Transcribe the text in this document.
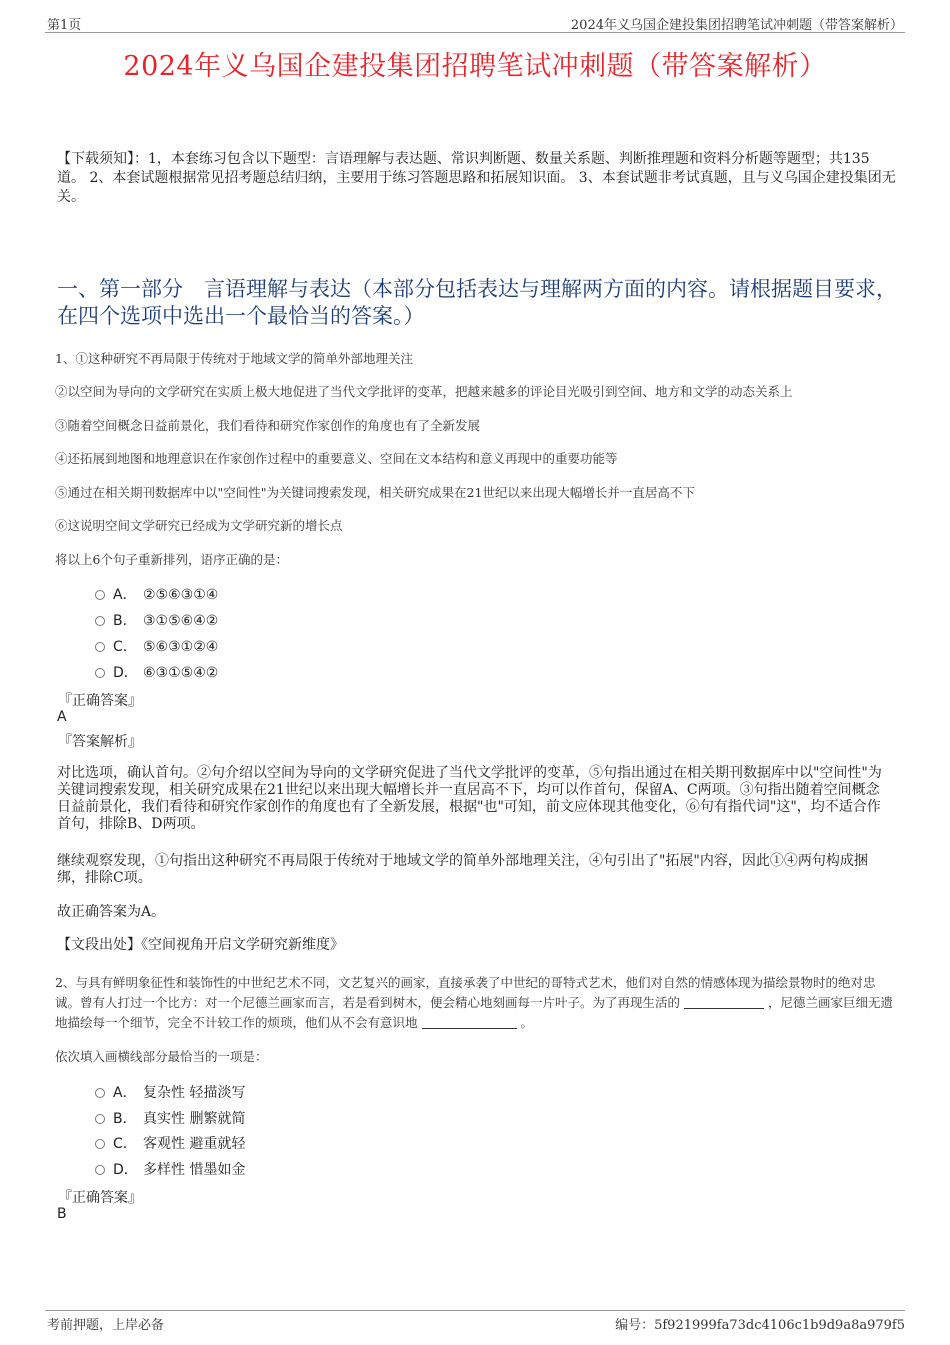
第1页	2024年义乌国企建投集团招聘笔试冲刺题（带答案解析）
2024年义乌国企建投集团招聘笔试冲刺题（带答案解析）
【下载须知】：1，本套练习包含以下题型：言语理解与表达题、常识判断题、数量关系题、判断推理题和资料分析题等题型；共135道。 2、本套试题根据常见招考题总结归纳，主要用于练习答题思路和拓展知识面。 3、本套试题非考试真题，且与义乌国企建投集团无关。
一、第一部分　言语理解与表达（本部分包括表达与理解两方面的内容。请根据题目要求，在四个选项中选出一个最恰当的答案。）
1、①这种研究不再局限于传统对于地域文学的简单外部地理关注
②以空间为导向的文学研究在实质上极大地促进了当代文学批评的变革，把越来越多的评论目光吸引到空间、地方和文学的动态关系上
③随着空间概念日益前景化，我们看待和研究作家创作的角度也有了全新发展
④还拓展到地图和地理意识在作家创作过程中的重要意义、空间在文本结构和意义再现中的重要功能等
⑤通过在相关期刊数据库中以"空间性"为关键词搜索发现，相关研究成果在21世纪以来出现大幅增长并一直居高不下
⑥这说明空间文学研究已经成为文学研究新的增长点
将以上6个句子重新排列，语序正确的是：
A． ②⑤⑥③①④
B． ③①⑤⑥④②
C． ⑤⑥③①②④
D． ⑥③①⑤④②
『正确答案』
A
『答案解析』
对比选项，确认首句。②句介绍以空间为导向的文学研究促进了当代文学批评的变革，⑤句指出通过在相关期刊数据库中以"空间性"为关键词搜索发现，相关研究成果在21世纪以来出现大幅增长并一直居高不下，均可以作首句，保留A、C两项。③句指出随着空间概念日益前景化，我们看待和研究作家创作的角度也有了全新发展，根据"也"可知，前文应体现其他变化，⑥句有指代词"这"，均不适合作首句，排除B、D两项。
继续观察发现，①句指出这种研究不再局限于传统对于地域文学的简单外部地理关注，④句引出了"拓展"内容，因此①④两句构成捆绑，排除C项。
故正确答案为A。
【文段出处】《空间视角开启文学研究新维度》
2、与具有鲜明象征性和装饰性的中世纪艺术不同，文艺复兴的画家，直接承袭了中世纪的哥特式艺术，他们对自然的情感体现为描绘景物时的绝对忠诚。曾有人打过一个比方：对一个尼德兰画家而言，若是看到树木，便会精心地刻画每一片叶子。为了再现生活的	，尼德兰画家巨细无遗地描绘每一个细节，完全不计较工作的烦琐，他们从不会有意识地	。
依次填入画横线部分最恰当的一项是：
A． 复杂性 轻描淡写
B． 真实性 删繁就简
C． 客观性 避重就轻
D． 多样性 惜墨如金
『正确答案』
B
考前押题，上岸必备	编号：5f921999fa73dc4106c1b9d9a8a979f5
